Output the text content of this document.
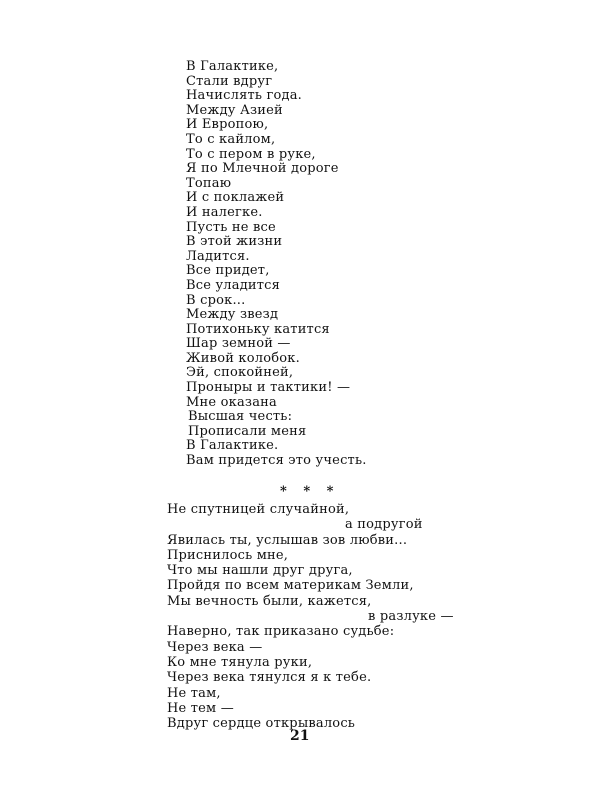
В Галактике,
Стали вдруг
Начислять года.
Между Азией
И Европою,
То с кайлом,
То с пером в руке,
Я по Млечной дороге
Топаю
И с поклажей
И налегке.
Пусть не все
В этой жизни
Ладится.
Все придет,
Все уладится
В срок...
Между звезд
Потихоньку катится
Шар земной —
Живой колобок.
Эй, спокойней,
Проныры и тактики! —
Мне оказана
Высшая честь:
Прописали меня
В Галактике.
Вам придется это учесть.
* * *
Не спутницей случайной,
а подругой
Явилась ты, услышав зов любви...
Приснилось мне,
Что мы нашли друг друга,
Пройдя по всем материкам Земли,
Мы вечность были, кажется,
в разлуке —
Наверно, так приказано судьбе:
Через века —
Ко мне тянула руки,
Через века тянулся я к тебе.
Не там,
Не тем —
Вдруг сердце открывалось
21
